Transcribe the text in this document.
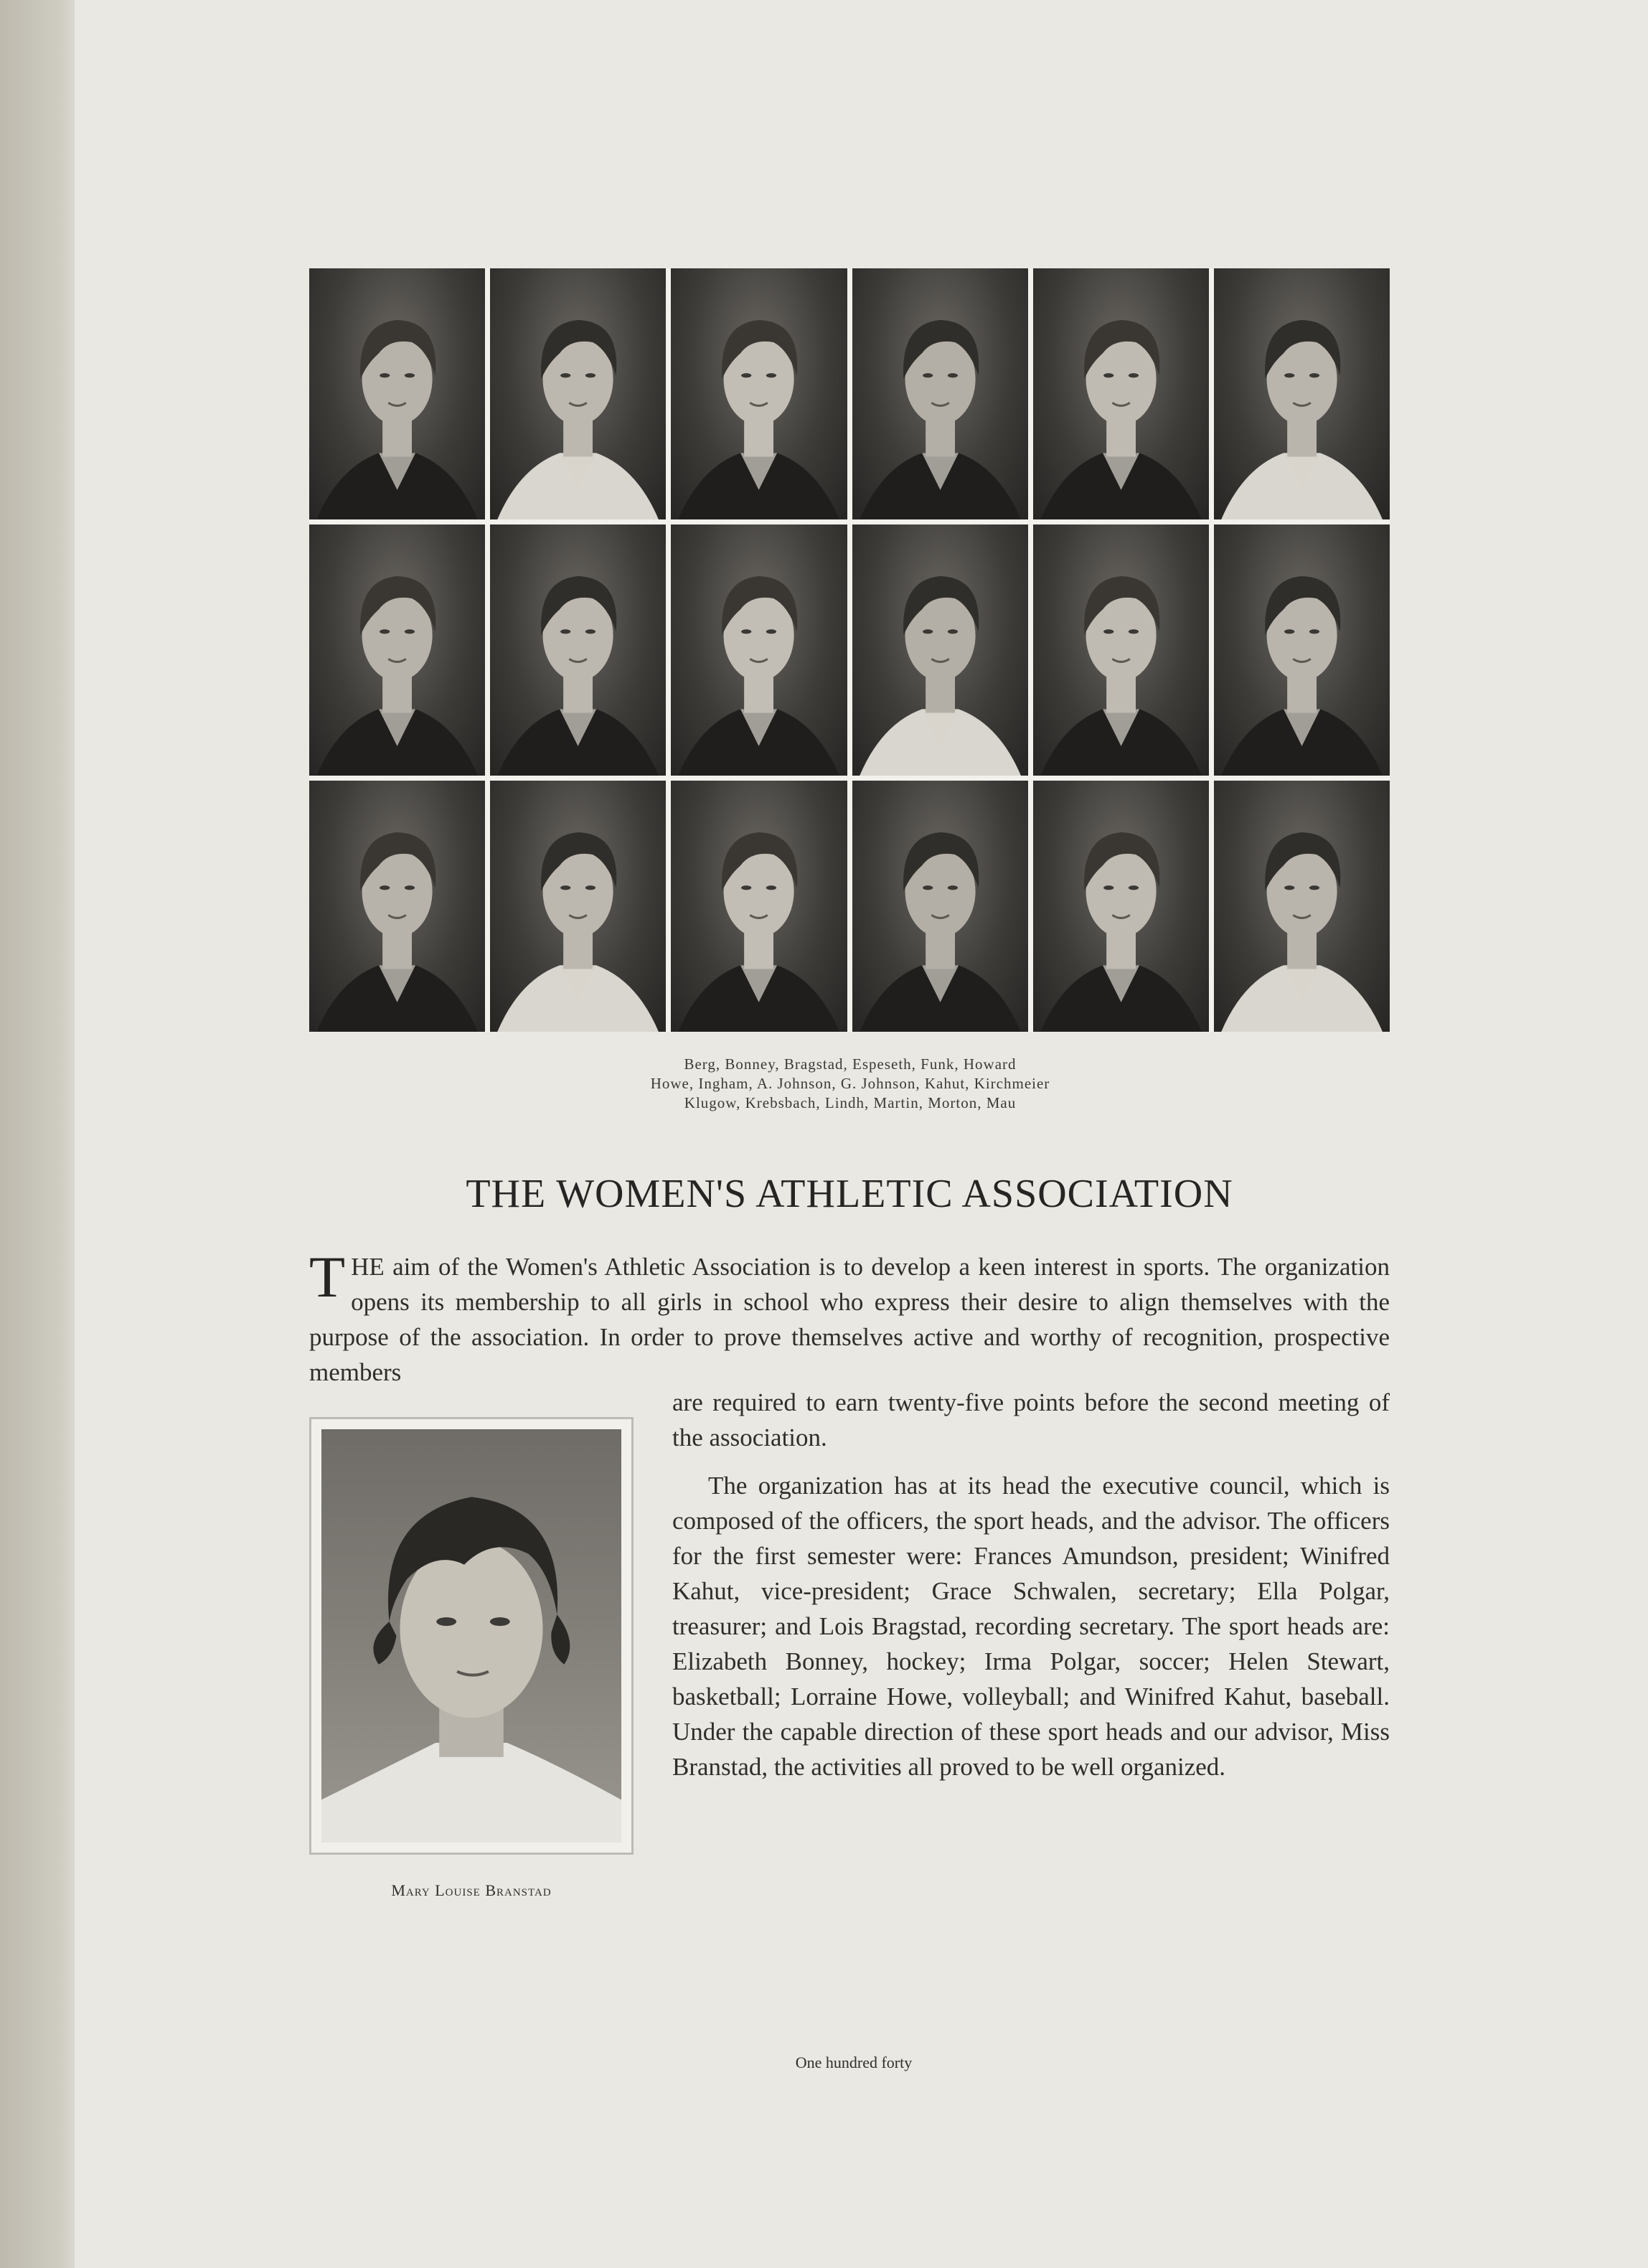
Berg, Bonney, Bragstad, Espeseth, Funk, Howard
Howe, Ingham, A. Johnson, G. Johnson, Kahut, Kirchmeier
Klugow, Krebsbach, Lindh, Martin, Morton, Mau
THE WOMEN'S ATHLETIC ASSOCIATION
THE aim of the Women's Athletic Association is to develop a keen interest in sports. The organization opens its membership to all girls in school who express their desire to align themselves with the purpose of the association. In order to prove themselves active and worthy of recognition, prospective members
are required to earn twenty-five points before the second meeting of the association.
The organization has at its head the executive council, which is composed of the officers, the sport heads, and the advisor. The officers for the first semester were: Frances Amundson, president; Winifred Kahut, vice-president; Grace Schwalen, secretary; Ella Polgar, treasurer; and Lois Bragstad, recording secretary. The sport heads are: Elizabeth Bonney, hockey; Irma Polgar, soccer; Helen Stewart, basketball; Lorraine Howe, volleyball; and Winifred Kahut, baseball. Under the capable direction of these sport heads and our advisor, Miss Branstad, the activities all proved to be well organized.
Mary Louise Branstad
One hundred forty
